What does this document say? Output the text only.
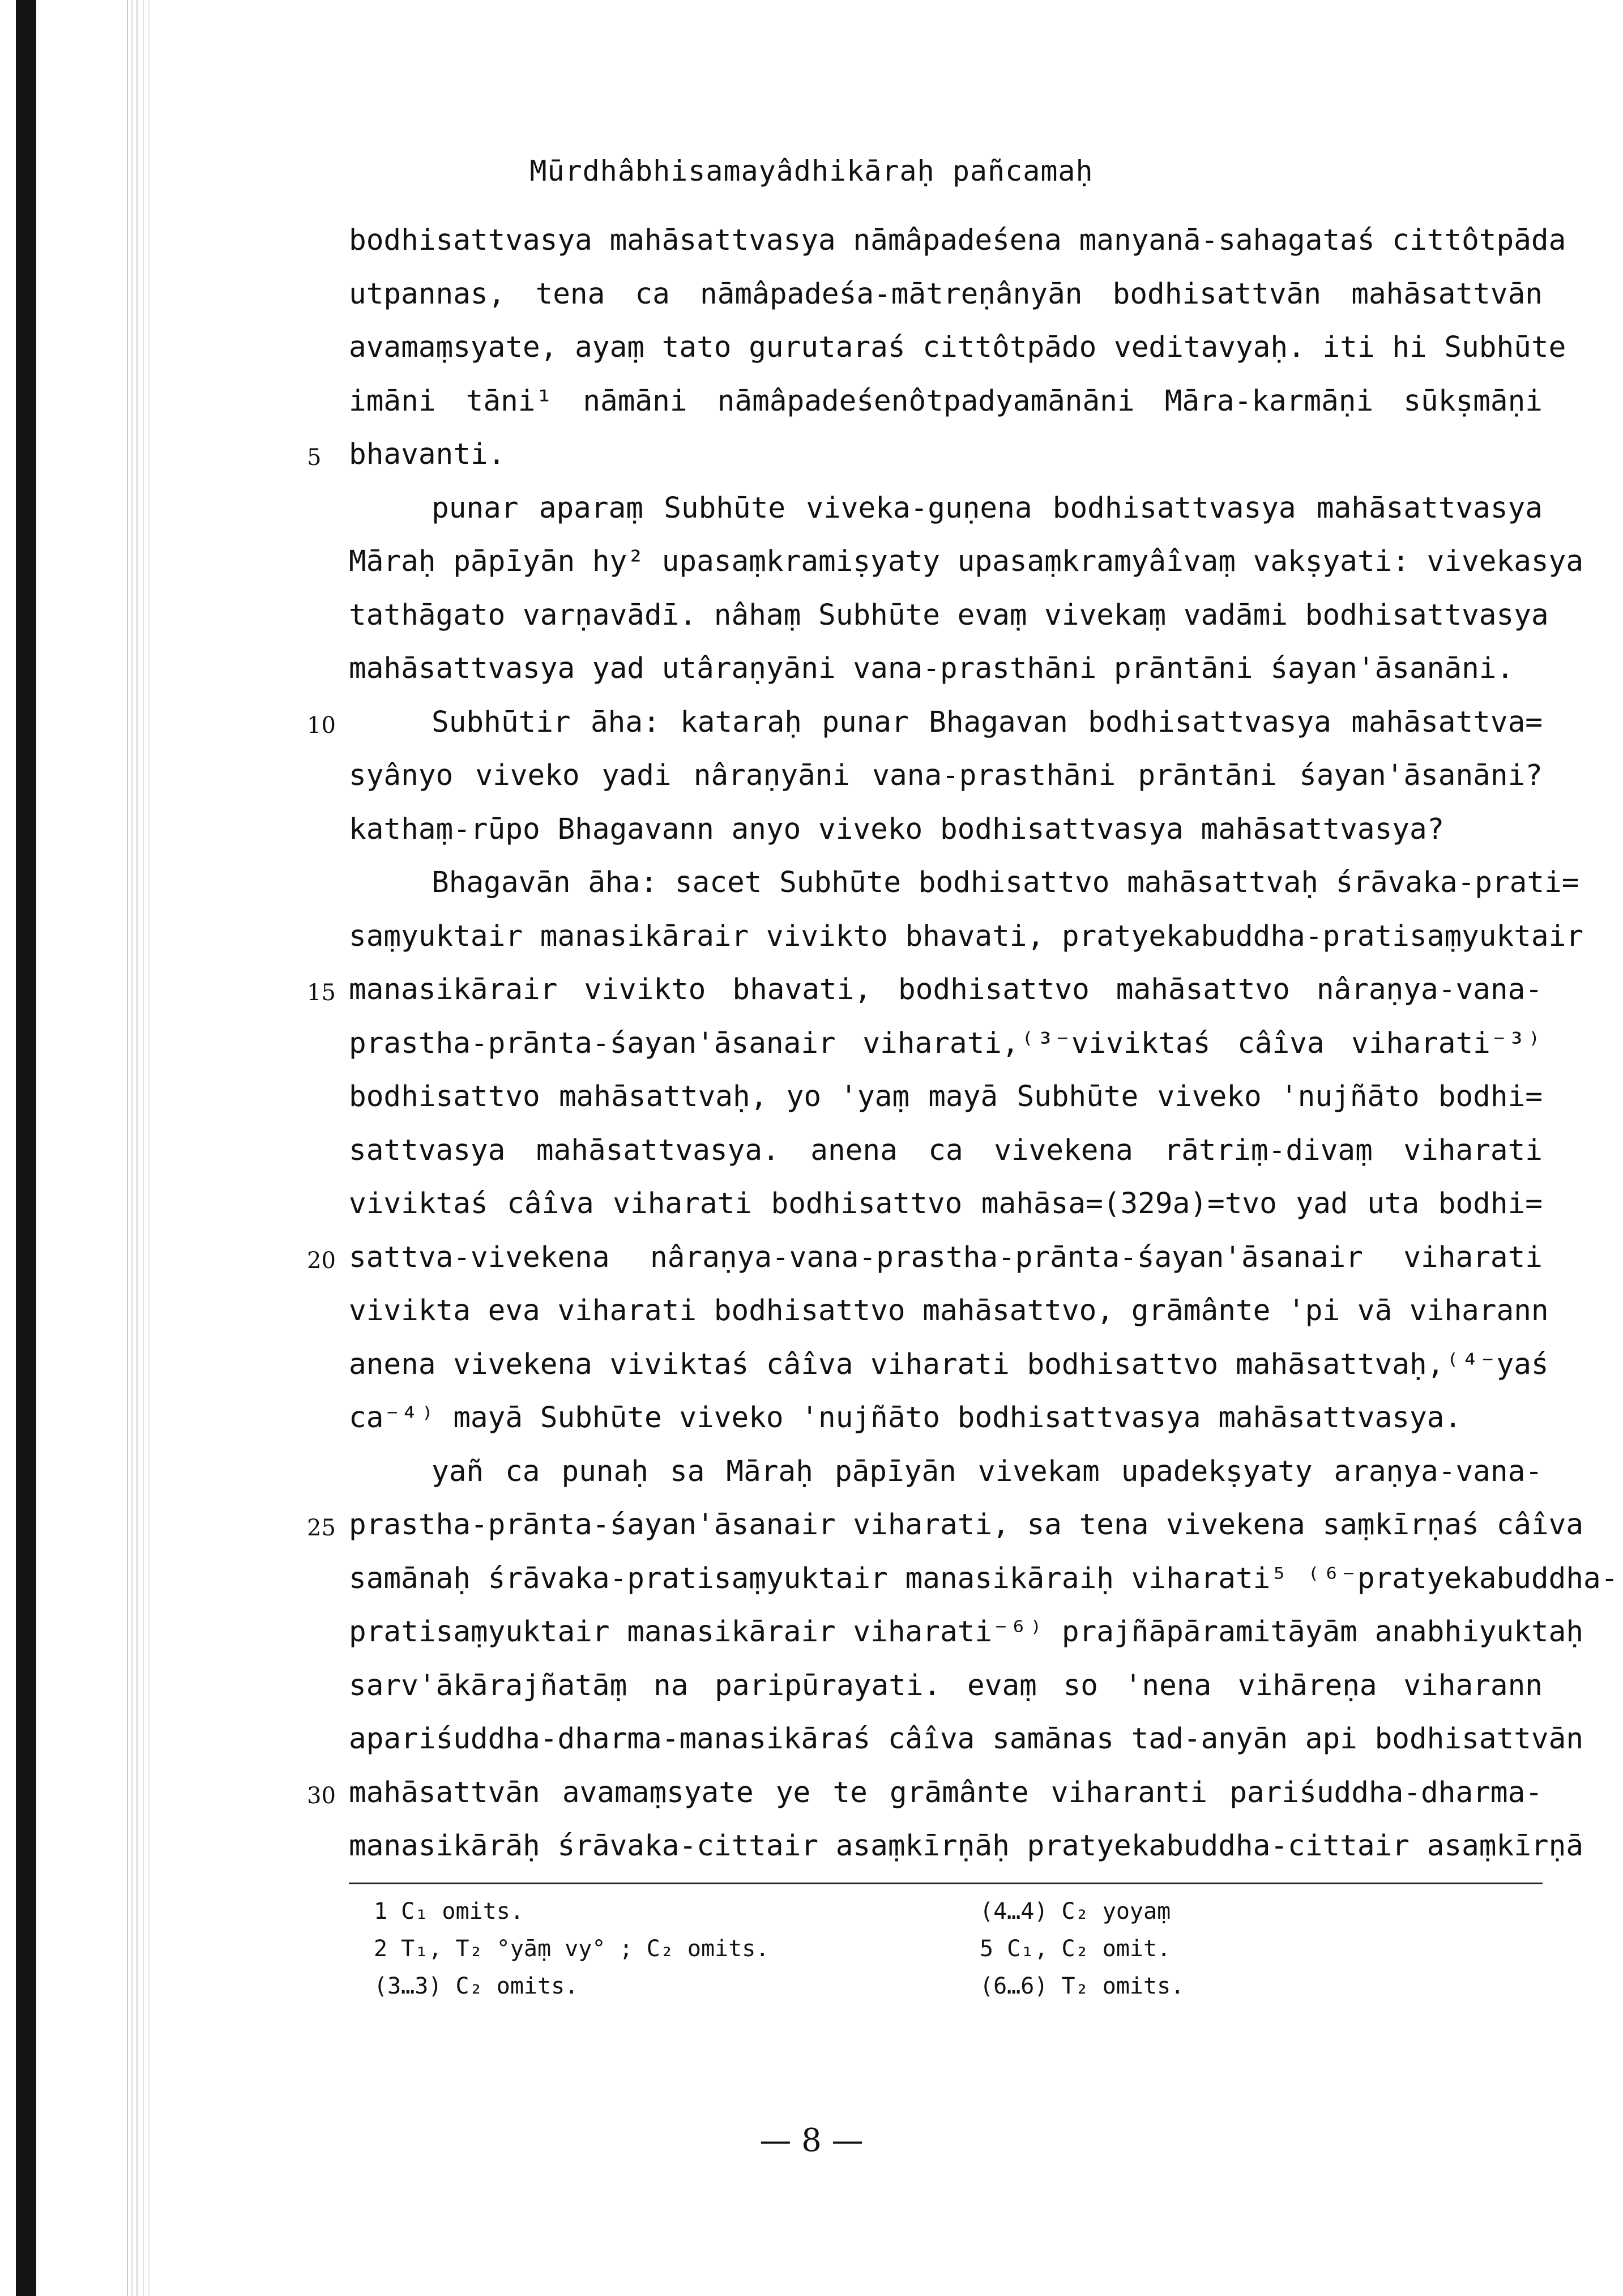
Mūrdhâbhisamayâdhikāraḥ pañcamaḥ
bodhisattvasya mahāsattvasya nāmâpadeśena manyanā-sahagataś cittôtpāda
utpannas, tena ca nāmâpadeśa-mātreṇânyān bodhisattvān mahāsattvān
avamaṃsyate, ayaṃ tato gurutaraś cittôtpādo veditavyaḥ. iti hi Subhūte
imāni tāni¹ nāmāni nāmâpadeśenôtpadyamānāni Māra-karmāṇi sūkṣmāṇi
5 bhavanti.
punar aparaṃ Subhūte viveka-guṇena bodhisattvasya mahāsattvasya
Māraḥ pāpīyān hy² upasaṃkramiṣyaty upasaṃkramyâîvaṃ vakṣyati: vivekasya
tathāgato varṇavādī. nâhaṃ Subhūte evaṃ vivekaṃ vadāmi bodhisattvasya
mahāsattvasya yad utâraṇyāni vana-prasthāni prāntāni śayan'āsanāni.
10	Subhūtir āha: kataraḥ punar Bhagavan bodhisattvasya mahāsattva=
syânyo viveko yadi nâraṇyāni vana-prasthāni prāntāni śayan'āsanāni?
kathaṃ-rūpo Bhagavann anyo viveko bodhisattvasya mahāsattvasya?
Bhagavān āha: sacet Subhūte bodhisattvo mahāsattvaḥ śrāvaka-prati=
saṃyuktair manasikārair vivikto bhavati, pratyekabuddha-pratisaṃyuktair
15 manasikārair vivikto bhavati, bodhisattvo mahāsattvo nâraṇya-vana-
prastha-prānta-śayan'āsanair viharati,⁽³⁻viviktaś câîva viharati⁻³⁾
bodhisattvo mahāsattvaḥ, yo 'yaṃ mayā Subhūte viveko 'nujñāto bodhi=
sattvasya mahāsattvasya. anena ca vivekena rātriṃ-divaṃ viharati
viviktaś câîva viharati bodhisattvo mahāsa=(329a)=tvo yad uta bodhi=
20 sattva-vivekena nâraṇya-vana-prastha-prānta-śayan'āsanair viharati
vivikta eva viharati bodhisattvo mahāsattvo, grāmânte 'pi vā viharann
anena vivekena viviktaś câîva viharati bodhisattvo mahāsattvaḥ,⁽⁴⁻yaś
ca⁻⁴⁾ mayā Subhūte viveko 'nujñāto bodhisattvasya mahāsattvasya.
yañ ca punaḥ sa Māraḥ pāpīyān vivekam upadekṣyaty araṇya-vana-
25 prastha-prānta-śayan'āsanair viharati, sa tena vivekena saṃkīrṇaś câîva
samānaḥ śrāvaka-pratisaṃyuktair manasikāraiḥ viharati⁵ ⁽⁶⁻pratyekabuddha-
pratisaṃyuktair manasikārair viharati⁻⁶⁾ prajñāpāramitāyām anabhiyuktaḥ
sarv'ākārajñatāṃ na paripūrayati. evaṃ so 'nena vihāreṇa viharann
apariśuddha-dharma-manasikāraś câîva samānas tad-anyān api bodhisattvān
30 mahāsattvān avamaṃsyate ye te grāmânte viharanti pariśuddha-dharma-
manasikārāḥ śrāvaka-cittair asaṃkīrṇāḥ pratyekabuddha-cittair asaṃkīrṇā
1 C₁ omits.	(4…4) C₂ yoyaṃ
2 T₁, T₂ °yāṃ vy° ; C₂ omits.	5 C₁, C₂ omit.
(3…3) C₂ omits.	(6…6) T₂ omits.
— 8 —
